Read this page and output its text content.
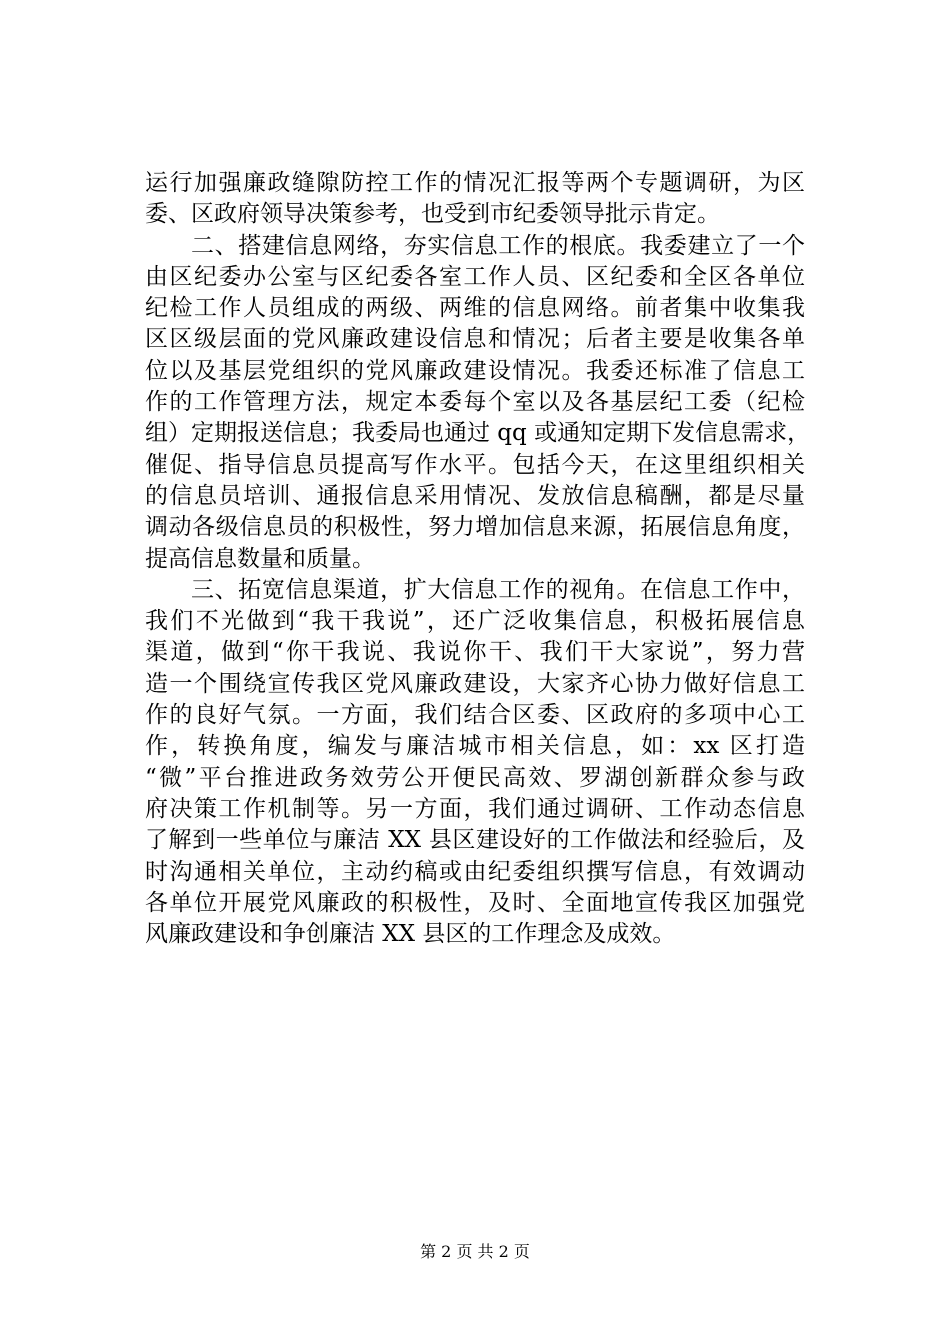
运行加强廉政缝隙防控工作的情况汇报等两个专题调研，为区
委、区政府领导决策参考，也受到市纪委领导批示肯定。
二、搭建信息网络，夯实信息工作的根底。我委建立了一个
由区纪委办公室与区纪委各室工作人员、区纪委和全区各单位
纪检工作人员组成的两级、两维的信息网络。前者集中收集我
区区级层面的党风廉政建设信息和情况；后者主要是收集各单
位以及基层党组织的党风廉政建设情况。我委还标准了信息工
作的工作管理方法，规定本委每个室以及各基层纪工委（纪检
组）定期报送信息；我委局也通过 qq 或通知定期下发信息需求，
催促、指导信息员提高写作水平。包括今天，在这里组织相关
的信息员培训、通报信息采用情况、发放信息稿酬，都是尽量
调动各级信息员的积极性，努力增加信息来源，拓展信息角度，
提高信息数量和质量。
三、拓宽信息渠道，扩大信息工作的视角。在信息工作中，
我们不光做到“我干我说”，还广泛收集信息，积极拓展信息
渠道，做到“你干我说、我说你干、我们干大家说”，努力营
造一个围绕宣传我区党风廉政建设，大家齐心协力做好信息工
作的良好气氛。一方面，我们结合区委、区政府的多项中心工
作，转换角度，编发与廉洁城市相关信息，如：xx 区打造
“微”平台推进政务效劳公开便民高效、罗湖创新群众参与政
府决策工作机制等。另一方面，我们通过调研、工作动态信息
了解到一些单位与廉洁 XX 县区建设好的工作做法和经验后，及
时沟通相关单位，主动约稿或由纪委组织撰写信息，有效调动
各单位开展党风廉政的积极性，及时、全面地宣传我区加强党
风廉政建设和争创廉洁 XX 县区的工作理念及成效。
第 2 页 共 2 页
